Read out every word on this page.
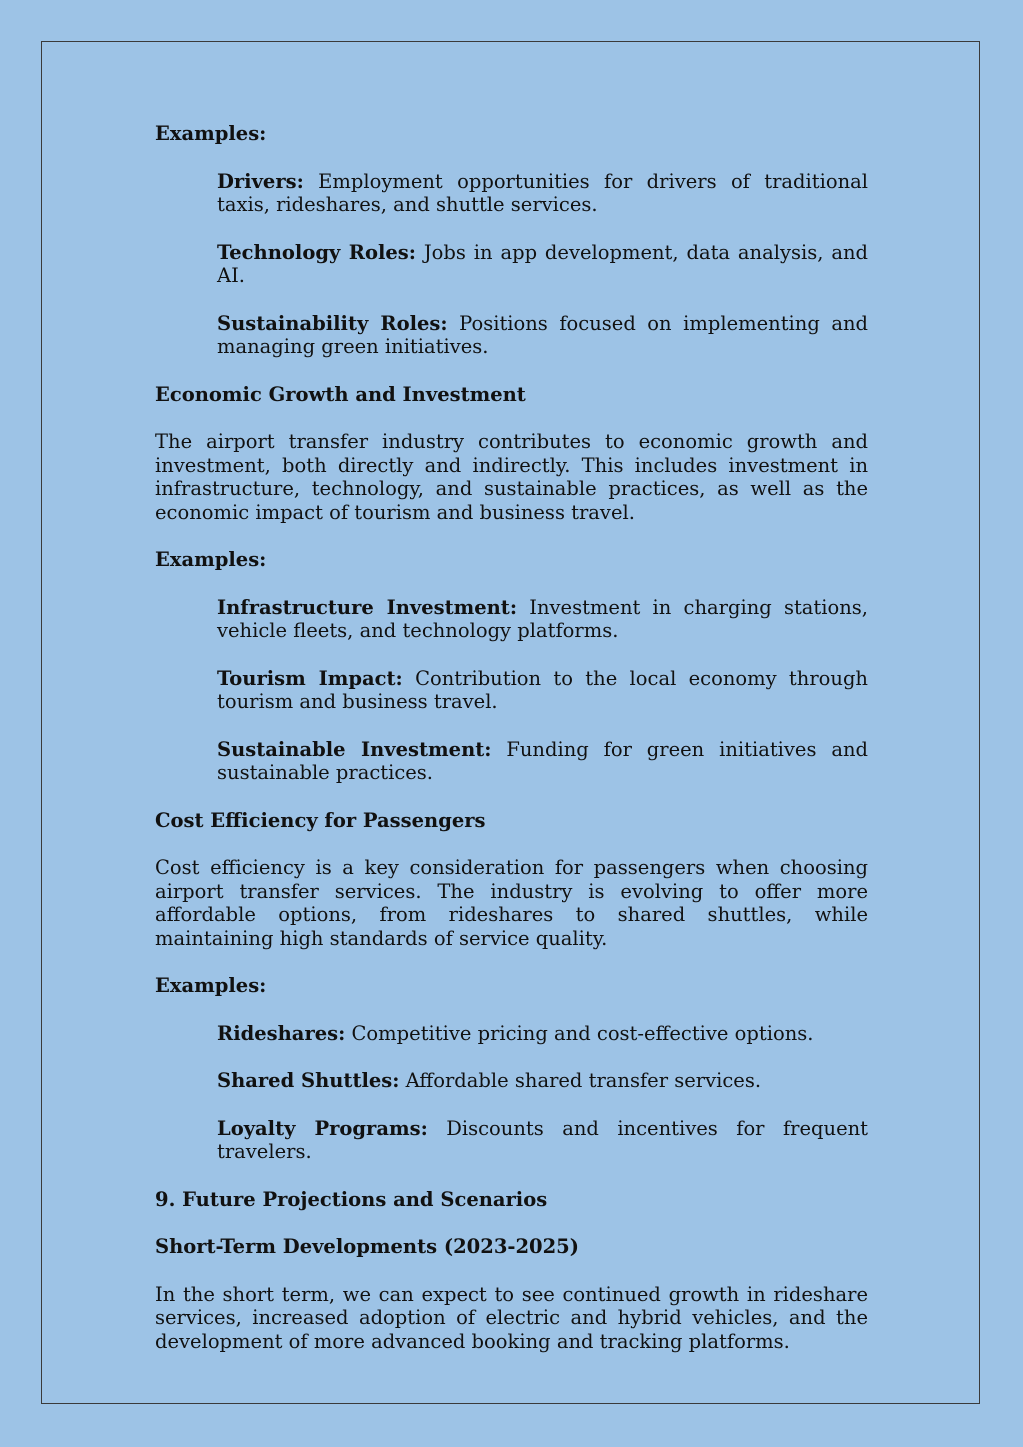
Examples:

Drivers: Employment opportunities for drivers of traditional taxis, rideshares, and shuttle services.

Technology Roles: Jobs in app development, data analysis, and AI.

Sustainability Roles: Positions focused on implementing and managing green initiatives.

Economic Growth and Investment

The airport transfer industry contributes to economic growth and investment, both directly and indirectly. This includes investment in infrastructure, technology, and sustainable practices, as well as the economic impact of tourism and business travel.

Examples:

Infrastructure Investment: Investment in charging stations, vehicle fleets, and technology platforms.

Tourism Impact: Contribution to the local economy through tourism and business travel.

Sustainable Investment: Funding for green initiatives and sustainable practices.

Cost Efficiency for Passengers

Cost efficiency is a key consideration for passengers when choosing airport transfer services. The industry is evolving to offer more affordable options, from rideshares to shared shuttles, while maintaining high standards of service quality.

Examples:

Rideshares: Competitive pricing and cost-effective options.

Shared Shuttles: Affordable shared transfer services.

Loyalty Programs: Discounts and incentives for frequent travelers.

9. Future Projections and Scenarios

Short-Term Developments (2023-2025)

In the short term, we can expect to see continued growth in rideshare services, increased adoption of electric and hybrid vehicles, and the development of more advanced booking and tracking platforms.
